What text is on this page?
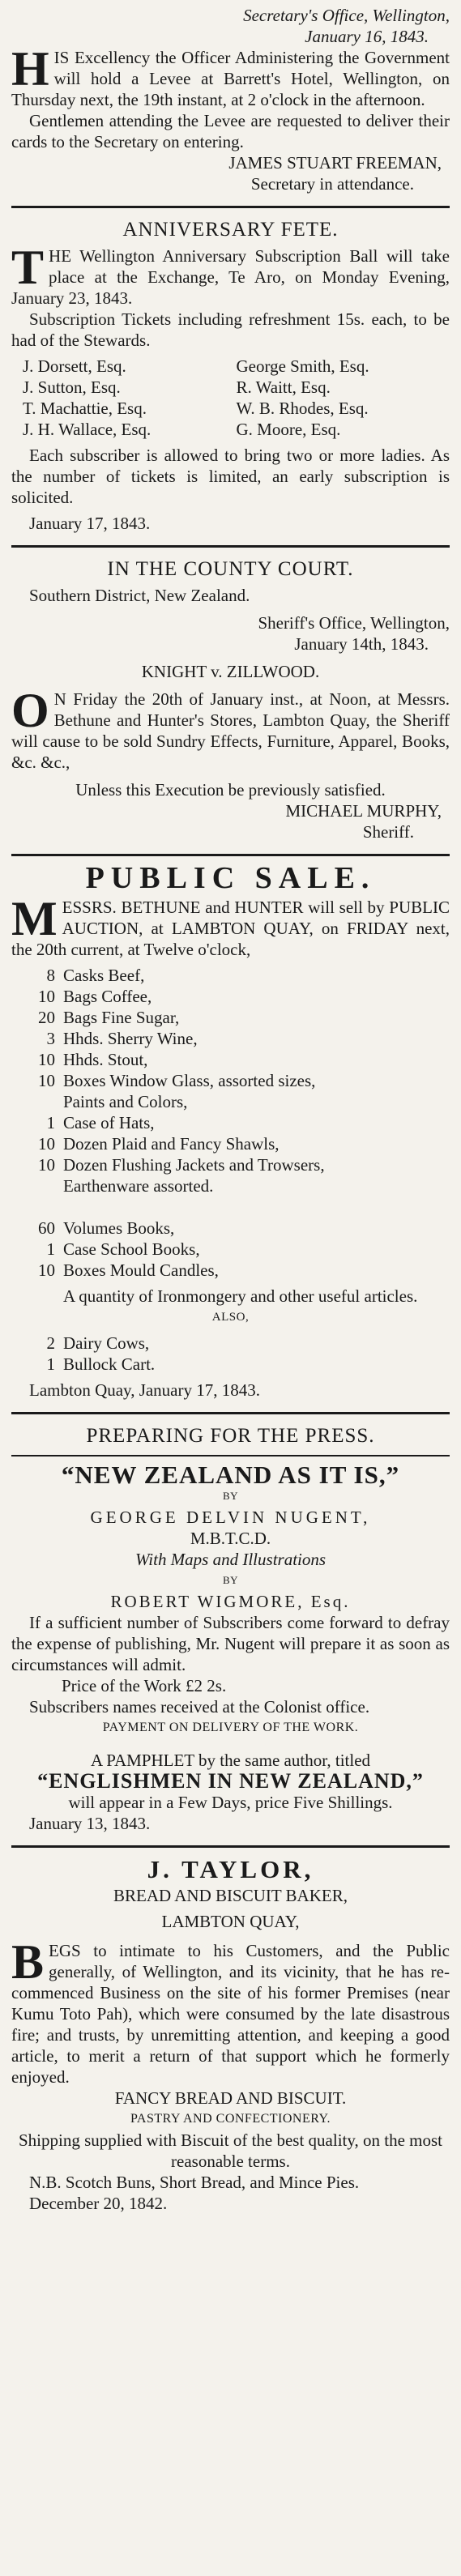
Secretary's Office, Wellington,

January 16, 1843.

H IS Excellency the Officer Administering the Government will hold a Levee at Barrett's Hotel, Wellington, on Thursday next, the 19th instant, at 2 o'clock in the afternoon.

Gentlemen attending the Levee are requested to deliver their cards to the Secretary on entering.

JAMES STUART FREEMAN,

Secretary in attendance.

ANNIVERSARY FETE.

T HE Wellington Anniversary Subscription Ball will take place at the Exchange, Te Aro, on Monday Evening, January 23, 1843.

Subscription Tickets including refreshment 15s. each, to be had of the Stewards.

J. Dorsett, Esq.	George Smith, Esq.
J. Sutton, Esq.	R. Waitt, Esq.
T. Machattie, Esq.	W. B. Rhodes, Esq.
J. H. Wallace, Esq.	G. Moore, Esq.

Each subscriber is allowed to bring two or more ladies. As the number of tickets is limited, an early subscription is solicited.

January 17, 1843.

IN THE COUNTY COURT.

Southern District, New Zealand.

Sheriff's Office, Wellington,

January 14th, 1843.

KNIGHT v. ZILLWOOD.

O N Friday the 20th of January inst., at Noon, at Messrs. Bethune and Hunter's Stores, Lambton Quay, the Sheriff will cause to be sold Sundry Effects, Furniture, Apparel, Books, &c. &c.,

Unless this Execution be previously satisfied.

MICHAEL MURPHY,

Sheriff.

PUBLIC SALE.

M ESSRS. BETHUNE and HUNTER will sell by PUBLIC AUCTION, at LAMBTON QUAY, on FRIDAY next, the 20th current, at Twelve o'clock,

8 Casks Beef,
10 Bags Coffee,
20 Bags Fine Sugar,
3 Hhds. Sherry Wine,
10 Hhds. Stout,
10 Boxes Window Glass, assorted sizes,
Paints and Colors,
1 Case of Hats,
10 Dozen Plaid and Fancy Shawls,
10 Dozen Flushing Jackets and Trowsers,
Earthenware assorted.
60 Volumes Books,
1 Case School Books,
10 Boxes Mould Candles,

A quantity of Ironmongery and other useful articles.

ALSO,

2 Dairy Cows,
1 Bullock Cart.

Lambton Quay, January 17, 1843.

PREPARING FOR THE PRESS.

“NEW ZEALAND AS IT IS,”

BY

GEORGE DELVIN NUGENT,

M.B.T.C.D.

With Maps and Illustrations

BY

ROBERT WIGMORE, Esq.

If a sufficient number of Subscribers come forward to defray the expense of publishing, Mr. Nugent will prepare it as soon as circumstances will admit.

Price of the Work £2 2s.

Subscribers names received at the Colonist office.

PAYMENT ON DELIVERY OF THE WORK.

A PAMPHLET by the same author, titled

“ENGLISHMEN IN NEW ZEALAND,”

will appear in a Few Days, price Five Shillings.

January 13, 1843.

J. TAYLOR,

BREAD AND BISCUIT BAKER,

LAMBTON QUAY,

B EGS to intimate to his Customers, and the Public generally, of Wellington, and its vicinity, that he has re-commenced Business on the site of his former Premises (near Kumu Toto Pah), which were consumed by the late disastrous fire; and trusts, by unremitting attention, and keeping a good article, to merit a return of that support which he formerly enjoyed.

FANCY BREAD AND BISCUIT.

PASTRY AND CONFECTIONERY.

Shipping supplied with Biscuit of the best quality, on the most reasonable terms.

N.B. Scotch Buns, Short Bread, and Mince Pies.

December 20, 1842.
